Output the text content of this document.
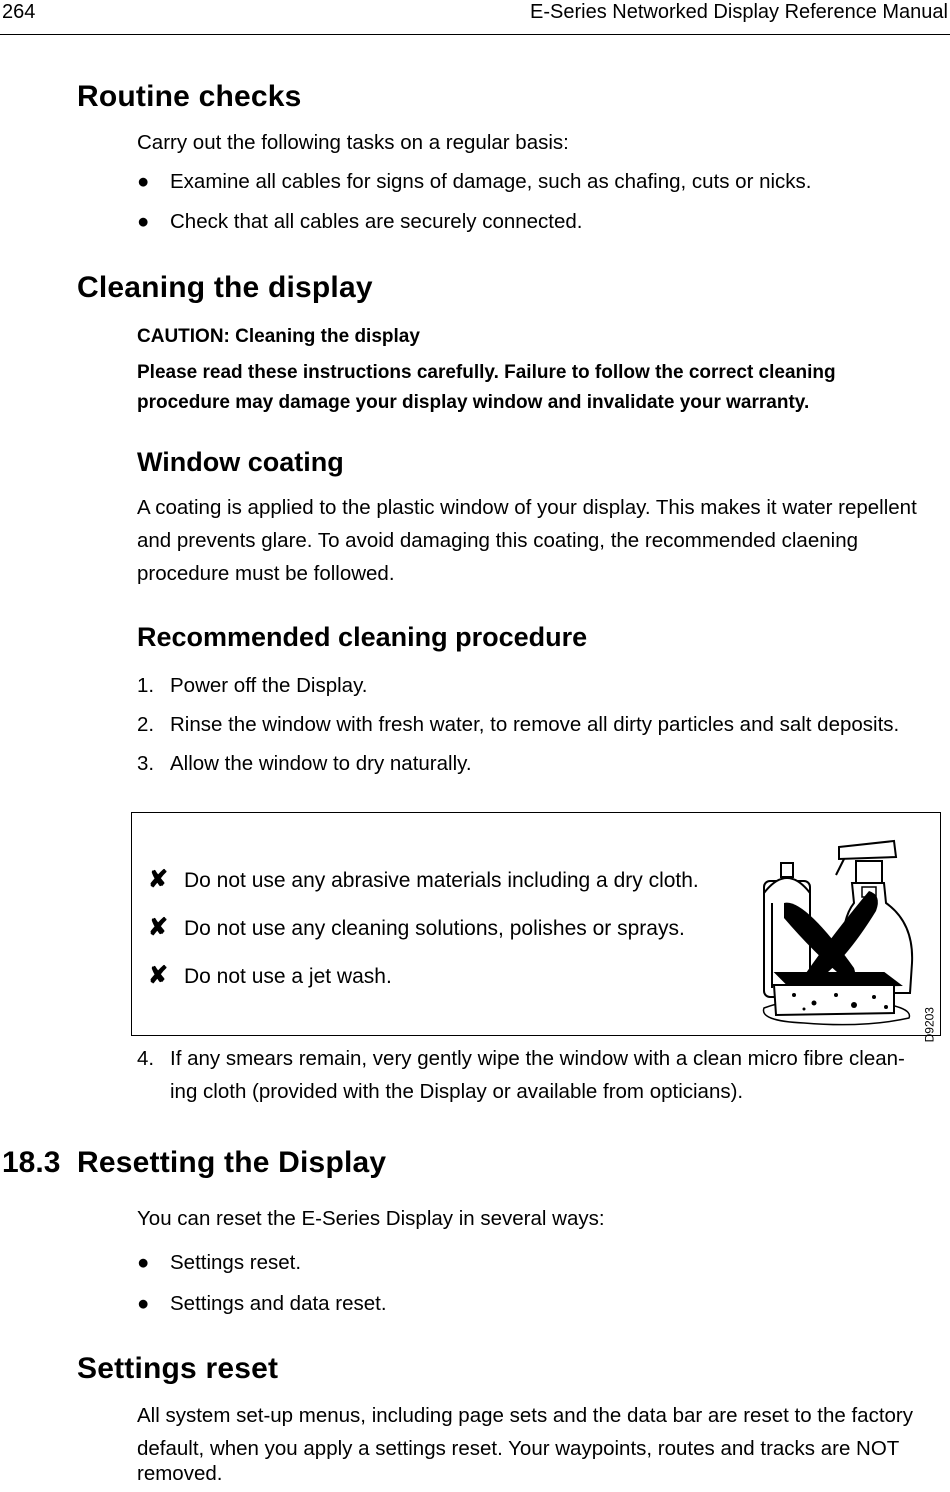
264	E-Series Networked Display Reference Manual
Routine checks
Carry out the following tasks on a regular basis:
● Examine all cables for signs of damage, such as chafing, cuts or nicks.
● Check that all cables are securely connected.
Cleaning the display
CAUTION: Cleaning the display
Please read these instructions carefully. Failure to follow the correct cleaning
procedure may damage your display window and invalidate your warranty.
Window coating
A coating is applied to the plastic window of your display. This makes it water repellent
and prevents glare. To avoid damaging this coating, the recommended claening
procedure must be followed.
Recommended cleaning procedure
1. Power off the Display.
2. Rinse the window with fresh water, to remove all dirty particles and salt deposits.
3. Allow the window to dry naturally.
✘ Do not use any abrasive materials including a dry cloth.
✘ Do not use any cleaning solutions, polishes or sprays.
✘ Do not use a jet wash.
D9203
4. If any smears remain, very gently wipe the window with a clean micro fibre clean-
ing cloth (provided with the Display or available from opticians).
18.3 Resetting the Display
You can reset the E-Series Display in several ways:
● Settings reset.
● Settings and data reset.
Settings reset
All system set-up menus, including page sets and the data bar are reset to the factory
default, when you apply a settings reset. Your waypoints, routes and tracks are NOT
removed.
